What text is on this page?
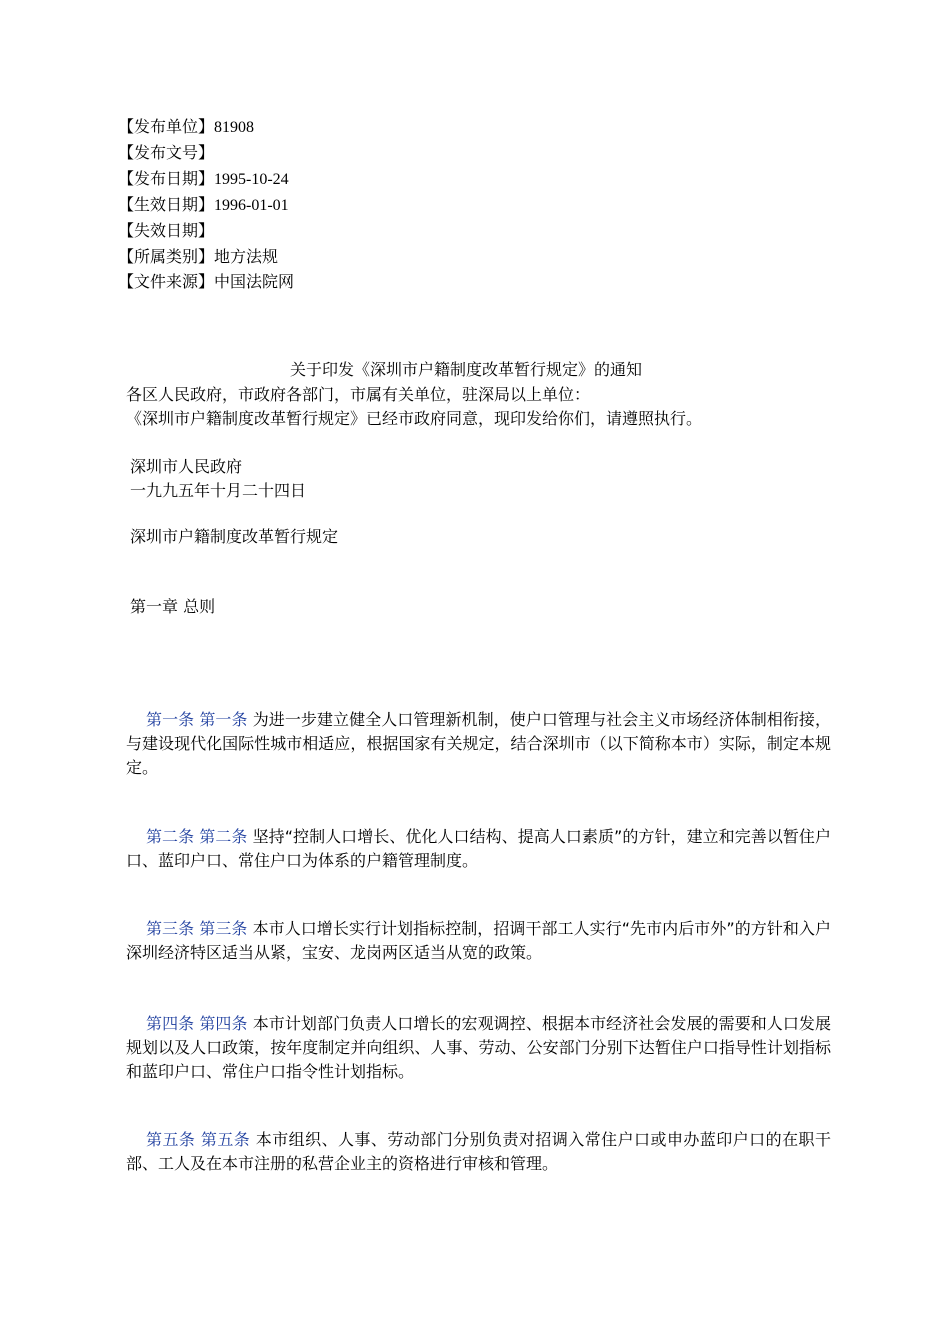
【发布单位】81908
【发布文号】
【发布日期】1995-10-24
【生效日期】1996-01-01
【失效日期】
【所属类别】地方法规
【文件来源】中国法院网
关于印发《深圳市户籍制度改革暂行规定》的通知
各区人民政府，市政府各部门，市属有关单位，驻深局以上单位：
《深圳市户籍制度改革暂行规定》已经市政府同意，现印发给你们，请遵照执行。
深圳市人民政府
一九九五年十月二十四日
深圳市户籍制度改革暂行规定
第一章 总则
第一条 第一条 为进一步建立健全人口管理新机制，使户口管理与社会主义市场经济体制相衔接，与建设现代化国际性城市相适应，根据国家有关规定，结合深圳市（以下简称本市）实际，制定本规定。
第二条 第二条 坚持“控制人口增长、优化人口结构、提高人口素质”的方针，建立和完善以暂住户口、蓝印户口、常住户口为体系的户籍管理制度。
第三条 第三条 本市人口增长实行计划指标控制，招调干部工人实行“先市内后市外”的方针和入户深圳经济特区适当从紧，宝安、龙岗两区适当从宽的政策。
第四条 第四条 本市计划部门负责人口增长的宏观调控、根据本市经济社会发展的需要和人口发展规划以及人口政策，按年度制定并向组织、人事、劳动、公安部门分别下达暂住户口指导性计划指标和蓝印户口、常住户口指令性计划指标。
第五条 第五条 本市组织、人事、劳动部门分别负责对招调入常住户口或申办蓝印户口的在职干部、工人及在本市注册的私营企业主的资格进行审核和管理。
